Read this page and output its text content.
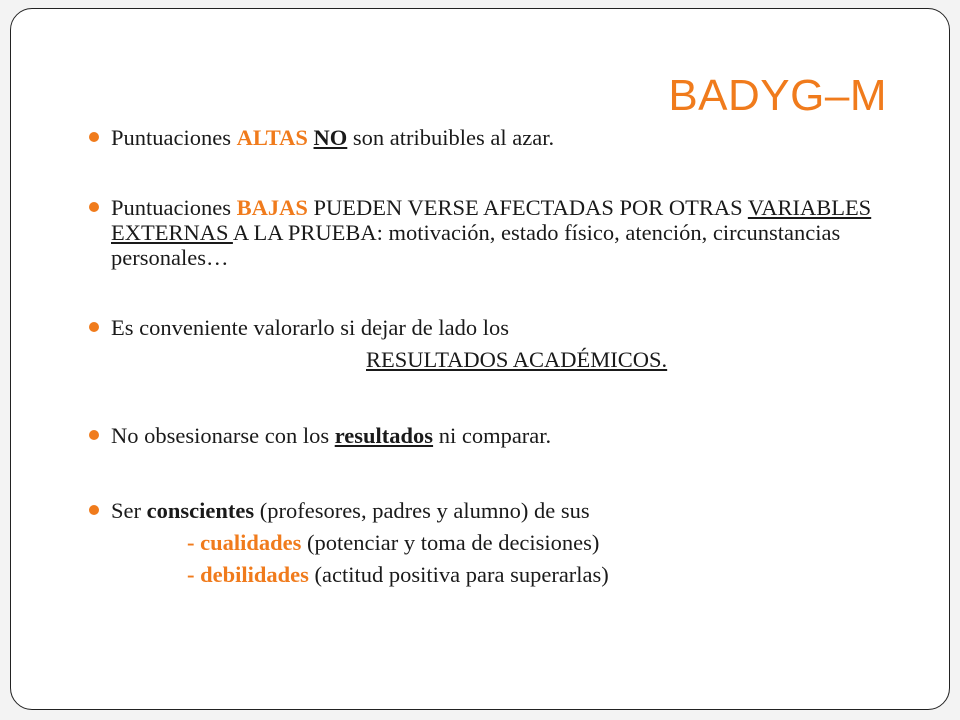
BADYG–M
Puntuaciones ALTAS NO son atribuibles al azar.
Puntuaciones BAJAS PUEDEN VERSE AFECTADAS POR OTRAS VARIABLES EXTERNAS A LA PRUEBA: motivación, estado físico, atención, circunstancias personales…
Es conveniente valorarlo si dejar de lado los
RESULTADOS ACADÉMICOS.
No obsesionarse con los resultados ni comparar.
Ser conscientes (profesores, padres y alumno) de sus
- cualidades (potenciar y toma de decisiones)
- debilidades (actitud positiva para superarlas)
